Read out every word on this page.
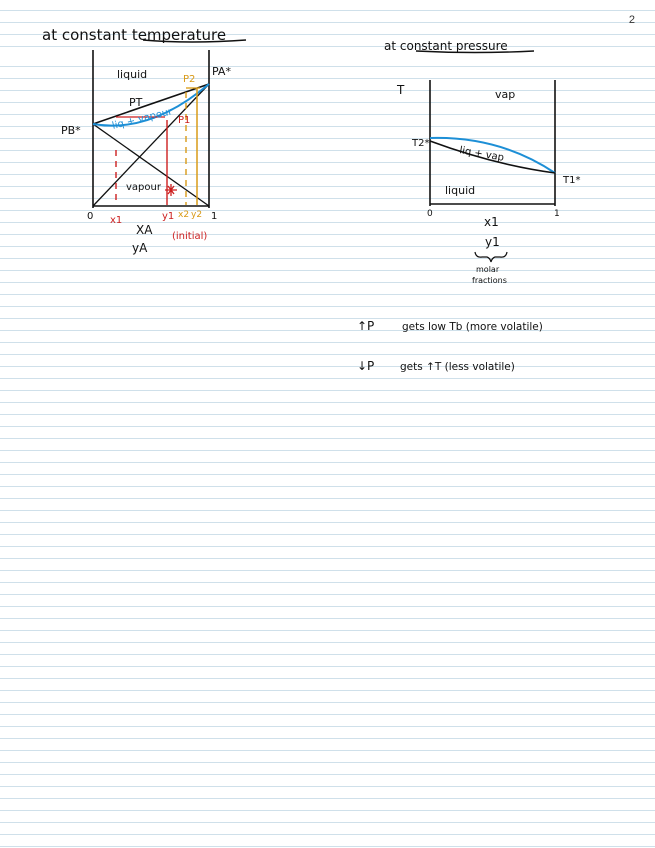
2
at constant temperature
liquid
PT
liq + vapour
vapour
PB*
PA*
P1
P2
0	1
x1	y1 x2 y2
XA
yA
(initial)
at constant pressure
T	vap
liq + vap
liquid
T2*
T1*
0	1
x1
y1
molar
fractions
↑P	gets low Tb (more volatile)
↓P gets ↑T (less volatile)
